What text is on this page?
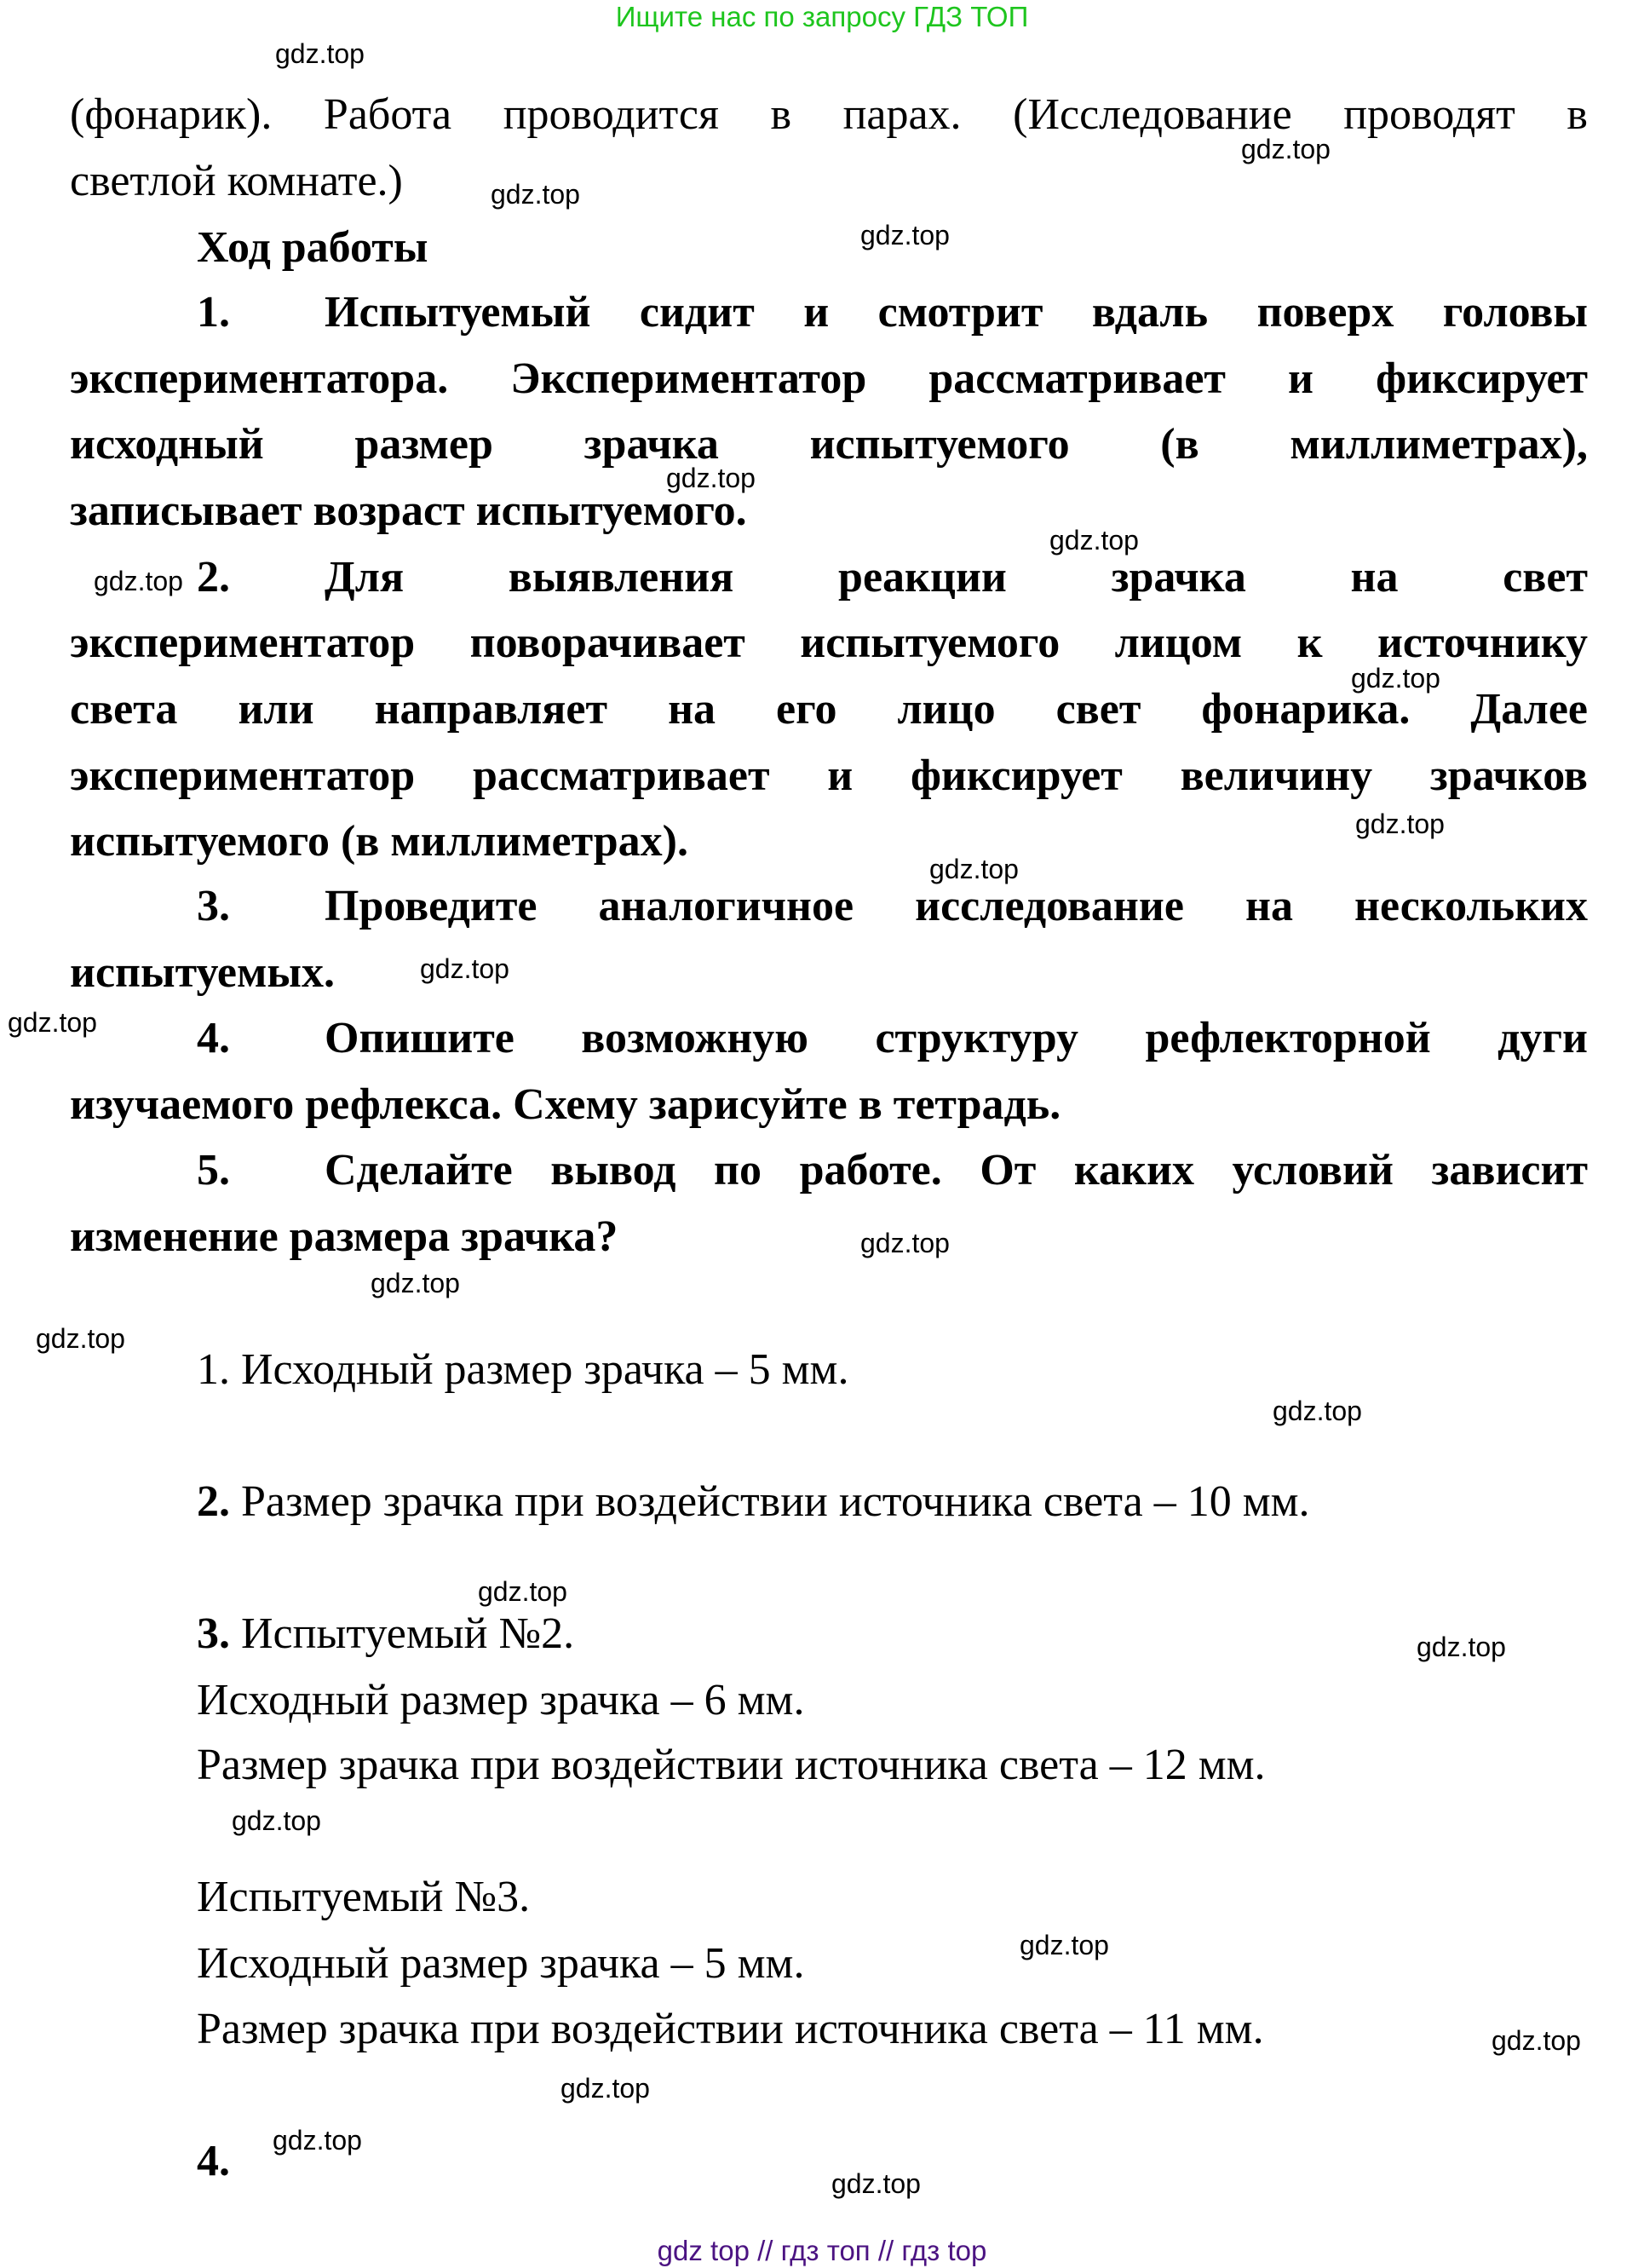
Ищите нас по запросу ГДЗ ТОП
(фонарик). Работа проводится в парах. (Исследование проводят в
светлой комнате.)
Ход работы
1. Испытуемый сидит и смотрит вдаль поверх головы
экспериментатора. Экспериментатор рассматривает и фиксирует
исходный размер зрачка испытуемого (в миллиметрах),
записывает возраст испытуемого.
2. Для выявления реакции зрачка на свет
экспериментатор поворачивает испытуемого лицом к источнику
света или направляет на его лицо свет фонарика. Далее
экспериментатор рассматривает и фиксирует величину зрачков
испытуемого (в миллиметрах).
3. Проведите аналогичное исследование на нескольких
испытуемых.
4. Опишите возможную структуру рефлекторной дуги
изучаемого рефлекса. Схему зарисуйте в тетрадь.
5. Сделайте вывод по работе. От каких условий зависит
изменение размера зрачка?
1. Исходный размер зрачка – 5 мм.
2. Размер зрачка при воздействии источника света – 10 мм.
3. Испытуемый №2.
Исходный размер зрачка – 6 мм.
Размер зрачка при воздействии источника света – 12 мм.
Испытуемый №3.
Исходный размер зрачка – 5 мм.
Размер зрачка при воздействии источника света – 11 мм.
4.
gdz.top
gdz.top
gdz.top
gdz.top
gdz.top
gdz.top
gdz.top
gdz.top
gdz.top
gdz.top
gdz.top
gdz.top
gdz.top
gdz.top
gdz.top
gdz.top
gdz.top
gdz.top
gdz.top
gdz.top
gdz.top
gdz.top
gdz.top
gdz.top
gdz top // гдз топ // гдз top
